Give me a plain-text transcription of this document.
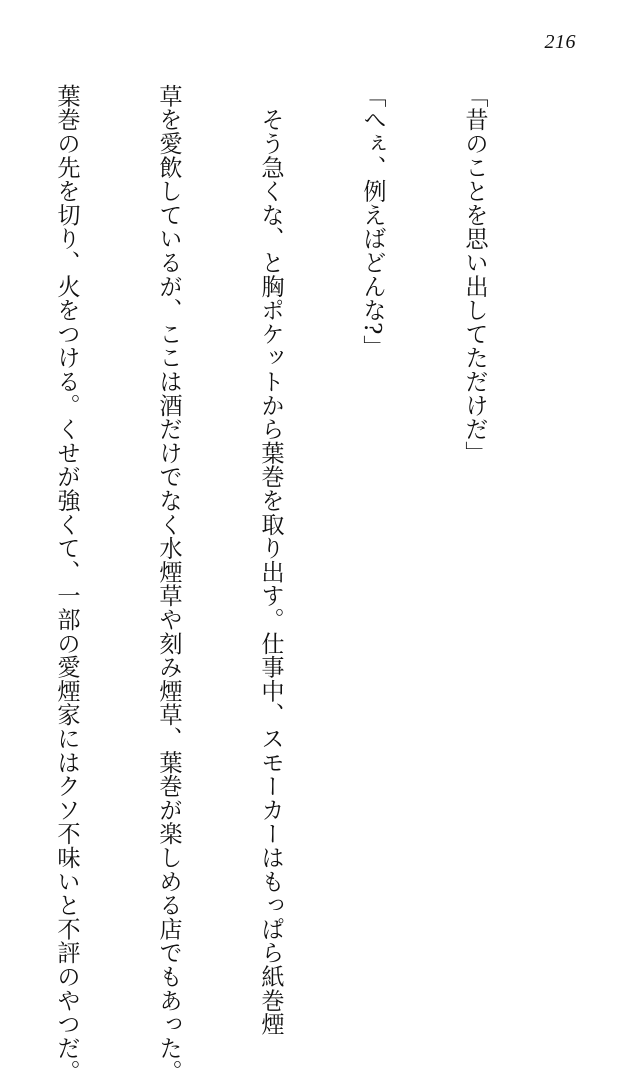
216

「昔のことを思い出してただけだ」

「へぇ、例えばどんな?」

　そう急くな、と胸ポケットから葉巻を取り出す。仕事中、スモーカーはもっぱら紙巻煙

草を愛飲しているが、ここは酒だけでなく水煙草や刻み煙草、葉巻が楽しめる店でもあった。

葉巻の先を切り、火をつける。くせが強くて、一部の愛煙家にはクソ不味いと不評のやつだ。
